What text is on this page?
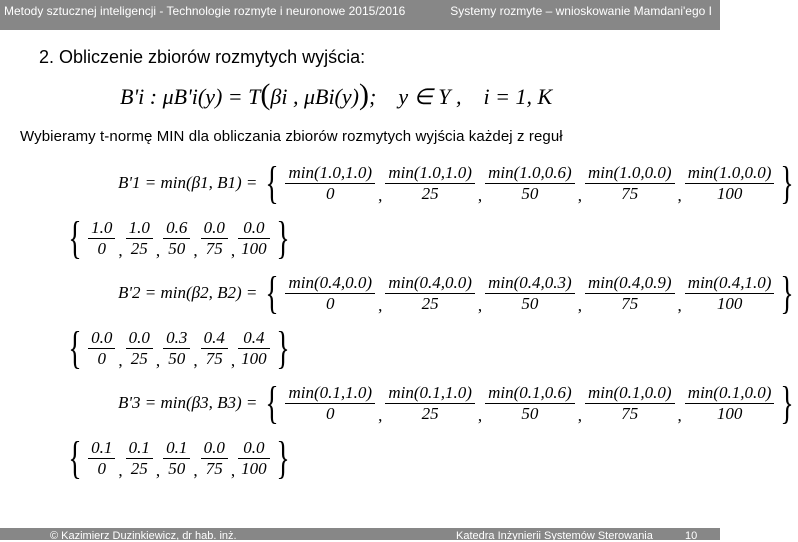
Metody sztucznej inteligencji - Technologie rozmyte i neuronowe 2015/2016	Systemy rozmyte – wnioskowanie Mamdani'ego I
2. Obliczenie zbiorów rozmytych wyjścia:
B'i : μB'i(y) = T(βi , μBi(y));    y ∈ Y , i = 1, K
Wybieramy t-normę MIN dla obliczania zbiorów rozmytych wyjścia każdej z reguł
B'1 = min(β1, B1) = { $\frac{\min(1.0,1.0)}{0}$ , $\frac{\min(1.0,1.0)}{25}$ , $\frac{\min(1.0,0.6)}{50}$ , $\frac{\min(1.0,0.0)}{75}$ , $\frac{\min(1.0,0.0)}{100}$ }
{ $\frac{1.0}{0}$ , $\frac{1.0}{25}$ , $\frac{0.6}{50}$ , $\frac{0.0}{75}$ , $\frac{0.0}{100}$ }
B'2 = min(β2, B2) = { $\frac{\min(0.4,0.0)}{0}$ , $\frac{\min(0.4,0.0)}{25}$ , $\frac{\min(0.4,0.3)}{50}$ , $\frac{\min(0.4,0.9)}{75}$ , $\frac{\min(0.4,1.0)}{100}$ }
{ $\frac{0.0}{0}$ , $\frac{0.0}{25}$ , $\frac{0.3}{50}$ , $\frac{0.4}{75}$ , $\frac{0.4}{100}$ }
B'3 = min(β3, B3) = { $\frac{\min(0.1,1.0)}{0}$ , $\frac{\min(0.1,1.0)}{25}$ , $\frac{\min(0.1,0.6)}{50}$ , $\frac{\min(0.1,0.0)}{75}$ , $\frac{\min(0.1,0.0)}{100}$ }
{ $\frac{0.1}{0}$ , $\frac{0.1}{25}$ , $\frac{0.1}{50}$ , $\frac{0.0}{75}$ , $\frac{0.0}{100}$ }
© Kazimierz Duzinkiewicz, dr hab. inż.	Katedra Inżynierii Systemów Sterowania	10
